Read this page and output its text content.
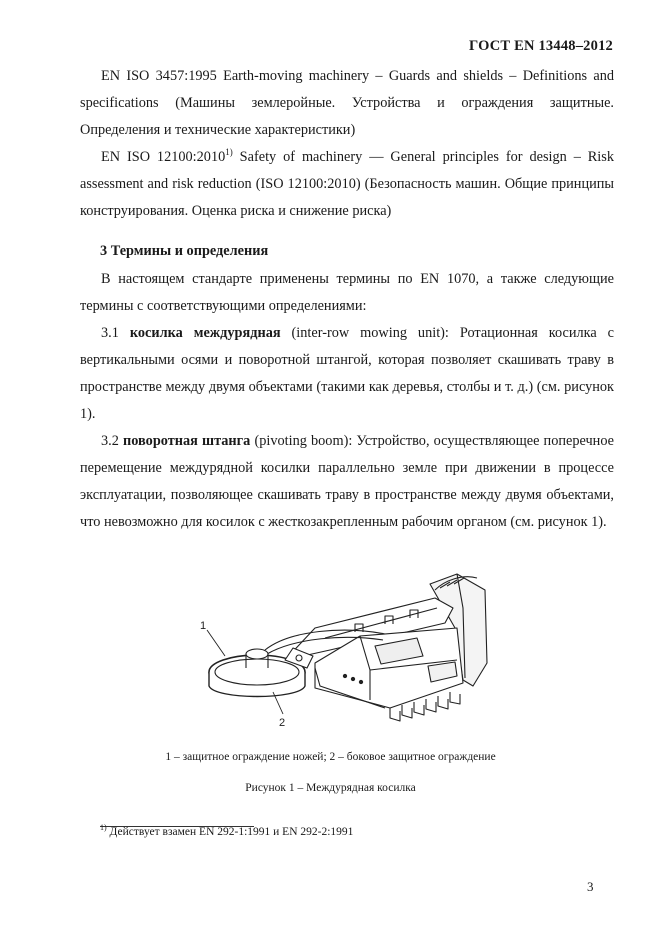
ГОСТ EN 13448–2012

EN ISO 3457:1995 Earth-moving machinery – Guards and shields – Definitions and specifications (Машины землеройные. Устройства и ограждения защитные. Определения и технические характеристики)

EN ISO 12100:2010$^{1)}$ Safety of machinery — General principles for design – Risk assessment and risk reduction (ISO 12100:2010) (Безопасность машин. Общие принципы конструирования. Оценка риска и снижение риска)

3 Термины и определения

В настоящем стандарте применены термины по EN 1070, а также следующие термины с соответствующими определениями:

3.1 косилка междурядная (inter-row mowing unit): Ротационная косилка с вертикальными осями и поворотной штангой, которая позволяет скашивать траву в пространстве между двумя объектами (такими как деревья, столбы и т. д.) (см. рисунок 1).

3.2 поворотная штанга (pivoting boom): Устройство, осуществляющее поперечное перемещение междурядной косилки параллельно земле при движении в процессе эксплуатации, позволяющее скашивать траву в пространстве между двумя объектами, что невозможно для косилок с жесткозакрепленным рабочим органом (см. рисунок 1).

1
2
1 – защитное ограждение ножей; 2 – боковое защитное ограждение
Рисунок 1 – Междурядная косилка
$^{1)}$ Действует взамен EN 292-1:1991 и EN 292-2:1991
3
